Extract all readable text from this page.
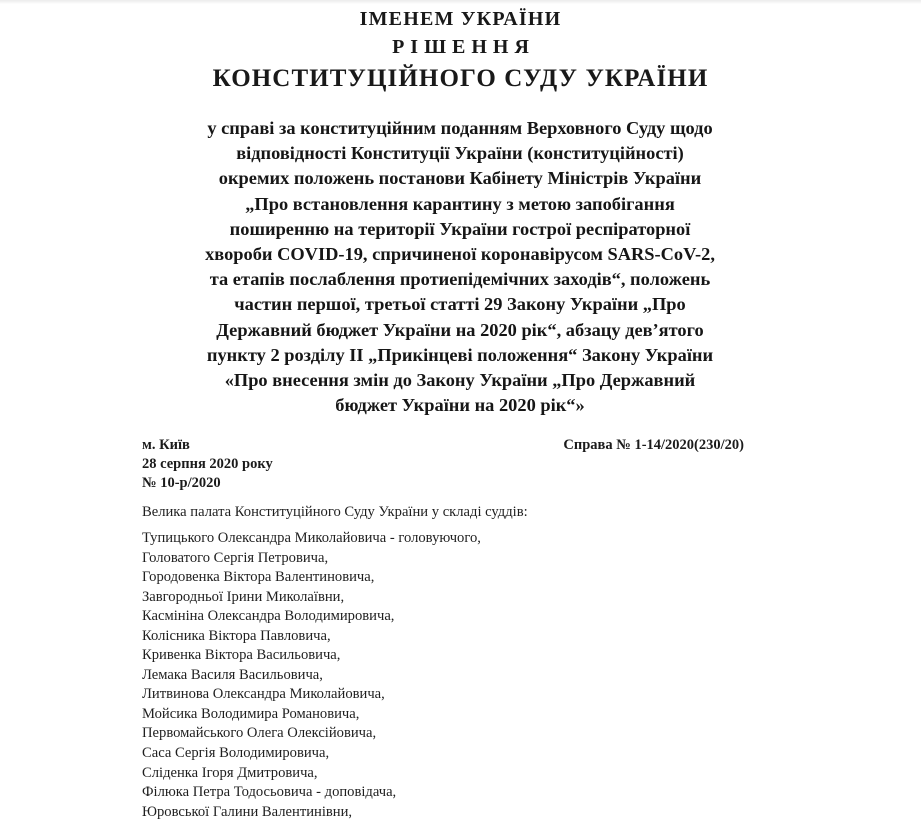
ІМЕНЕМ УКРАЇНИ
РІШЕННЯ
КОНСТИТУЦІЙНОГО СУДУ УКРАЇНИ
у справі за конституційним поданням Верховного Суду щодо
відповідності Конституції України (конституційності)
окремих положень постанови Кабінету Міністрів України
„Про встановлення карантину з метою запобігання
поширенню на території України гострої респіраторної
хвороби COVID-19, спричиненої коронавірусом SARS-CoV-2,
та етапів послаблення протиепідемічних заходів“, положень
частин першої, третьої статті 29 Закону України „Про
Державний бюджет України на 2020 рік“, абзацу дев’ятого
пункту 2 розділу II „Прикінцеві положення“ Закону України
«Про внесення змін до Закону України „Про Державний
бюджет України на 2020 рік“»
м. Київ
28 серпня 2020 року
№ 10-р/2020
Справа № 1-14/2020(230/20)
Велика палата Конституційного Суду України у складі суддів:
Тупицького Олександра Миколайовича - головуючого,
Головатого Сергія Петровича,
Городовенка Віктора Валентиновича,
Завгородньої Ірини Миколаївни,
Касмініна Олександра Володимировича,
Колісника Віктора Павловича,
Кривенка Віктора Васильовича,
Лемака Василя Васильовича,
Литвинова Олександра Миколайовича,
Мойсика Володимира Романовича,
Первомайського Олега Олексійовича,
Саса Сергія Володимировича,
Сліденка Ігоря Дмитровича,
Філюка Петра Тодосьовича - доповідача,
Юровської Галини Валентинівни,
